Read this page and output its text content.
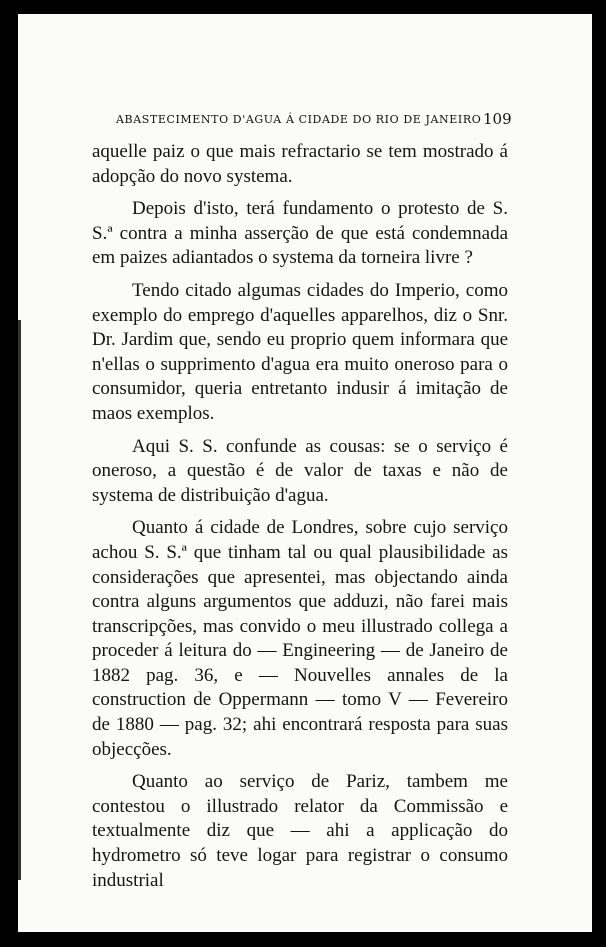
ABASTECIMENTO D'AGUA Á CIDADE DO RIO DE JANEIRO 109

aquelle paiz o que mais refractario se tem mostrado á adopção do novo systema.

Depois d'isto, terá fundamento o protesto de S. S.ª contra a minha asserção de que está condemnada em paizes adiantados o systema da torneira livre ?

Tendo citado algumas cidades do Imperio, como exemplo do emprego d'aquelles apparelhos, diz o Snr. Dr. Jardim que, sendo eu proprio quem informara que n'ellas o supprimento d'agua era muito oneroso para o consumidor, queria entretanto indusir á imitação de maos exemplos.

Aqui S. S. confunde as cousas: se o serviço é oneroso, a questão é de valor de taxas e não de systema de distribuição d'agua.

Quanto á cidade de Londres, sobre cujo serviço achou S. S.ª que tinham tal ou qual plausibilidade as considerações que apresentei, mas objectando ainda contra alguns argumentos que adduzi, não farei mais transcripções, mas convido o meu illustrado collega a proceder á leitura do — Engineering — de Janeiro de 1882 pag. 36, e — Nouvelles annales de la construction de Oppermann — tomo V — Fevereiro de 1880 — pag. 32; ahi encontrará resposta para suas objecções.

Quanto ao serviço de Pariz, tambem me contestou o illustrado relator da Commissão e textualmente diz que — ahi a applicação do hydrometro só teve logar para registrar o consumo industrial
